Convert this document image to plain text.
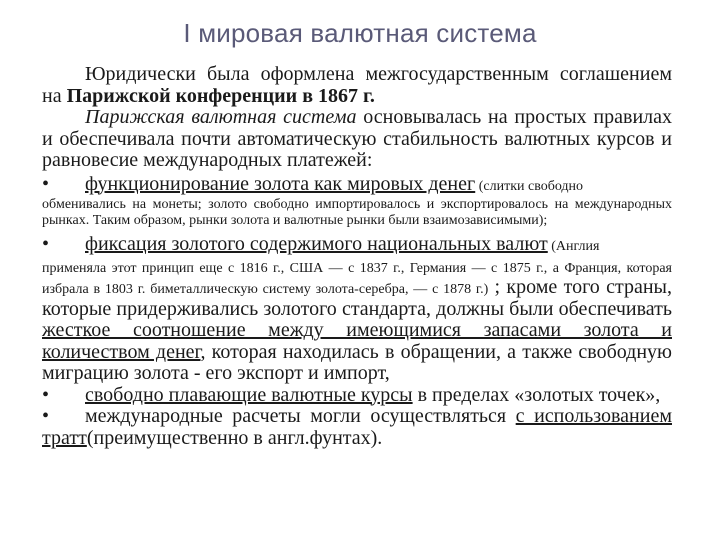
I мировая валютная система

Юридически была оформлена межгосударственным соглашением на Парижской конференции в 1867 г.

Парижская валютная система основывалась на простых правилах и обеспечивала почти автоматическую стабильность валютных курсов и равновесие международных платежей:

• функционирование золота как мировых денег (слитки свободно

обменивались на монеты; золото свободно импортировалось и экспортировалось на международных рынках. Таким образом, рынки золота и валютные рынки были взаимозависимыми);

• фиксация золотого содержимого национальных валют (Англия

применяла этот принцип еще с 1816 г., США — с 1837 г., Германия — с 1875 г., а Франция, которая избрала в 1803 г. биметаллическую систему золота-серебра, — с 1878 г.) ; кроме того страны, которые придерживались золотого стандарта, должны были обеспечивать жесткое соотношение между имеющимися запасами золота и количеством денег, которая находилась в обращении, а также свободную миграцию золота - его экспорт и импорт,

• свободно плавающие валютные курсы в пределах «золотых точек»,

• международные расчеты могли осуществляться с использованием тратт(преимущественно в англ.фунтах).
